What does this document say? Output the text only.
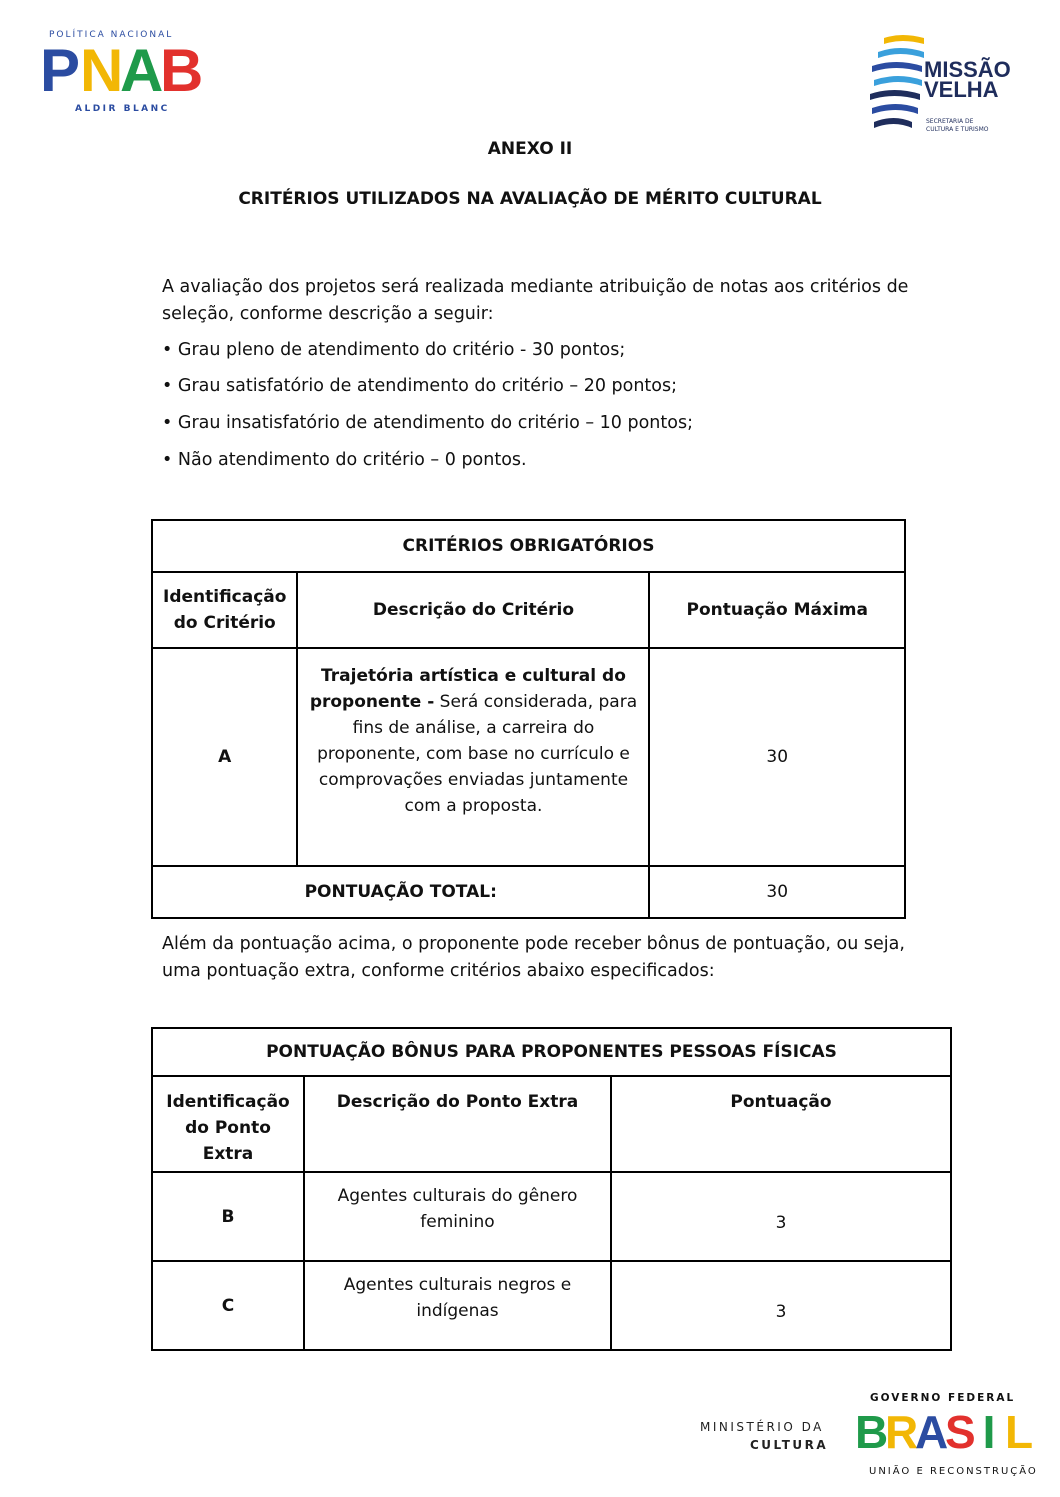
POLÍTICA NACIONAL
P N
A
B
ALDIR BLANC
MISSÃO
VELHA
SECRETARIA DE
CULTURA E TURISMO
ANEXO II
CRITÉRIOS UTILIZADOS NA AVALIAÇÃO DE MÉRITO CULTURAL
A avaliação dos projetos será realizada mediante atribuição de notas aos critérios de seleção, conforme descrição a seguir:
• Grau pleno de atendimento do critério - 30 pontos;
• Grau satisfatório de atendimento do critério – 20 pontos;
• Grau insatisfatório de atendimento do critério – 10 pontos;
• Não atendimento do critério – 0 pontos.
CRITÉRIOS OBRIGATÓRIOS		
Identificação do Critério	Descrição do Critério	Pontuação Máxima
A	Trajetória artística e cultural do proponente - Será considerada, para fins de análise, a carreira do proponente, com base no currículo e comprovações enviadas juntamente com a proposta.	30
PONTUAÇÃO TOTAL:		30
Além da pontuação acima, o proponente pode receber bônus de pontuação, ou seja, uma pontuação extra, conforme critérios abaixo especificados:
PONTUAÇÃO BÔNUS PARA PROPONENTES PESSOAS FÍSICAS		
Identificação do Ponto Extra	Descrição do Ponto Extra	Pontuação
B	Agentes culturais do gênero feminino	3
C	Agentes culturais negros e indígenas	3
MINISTÉRIO DA
CULTURA
GOVERNO FEDERAL
B
R
A
S I L
UNIÃO E RECONSTRUÇÃO
